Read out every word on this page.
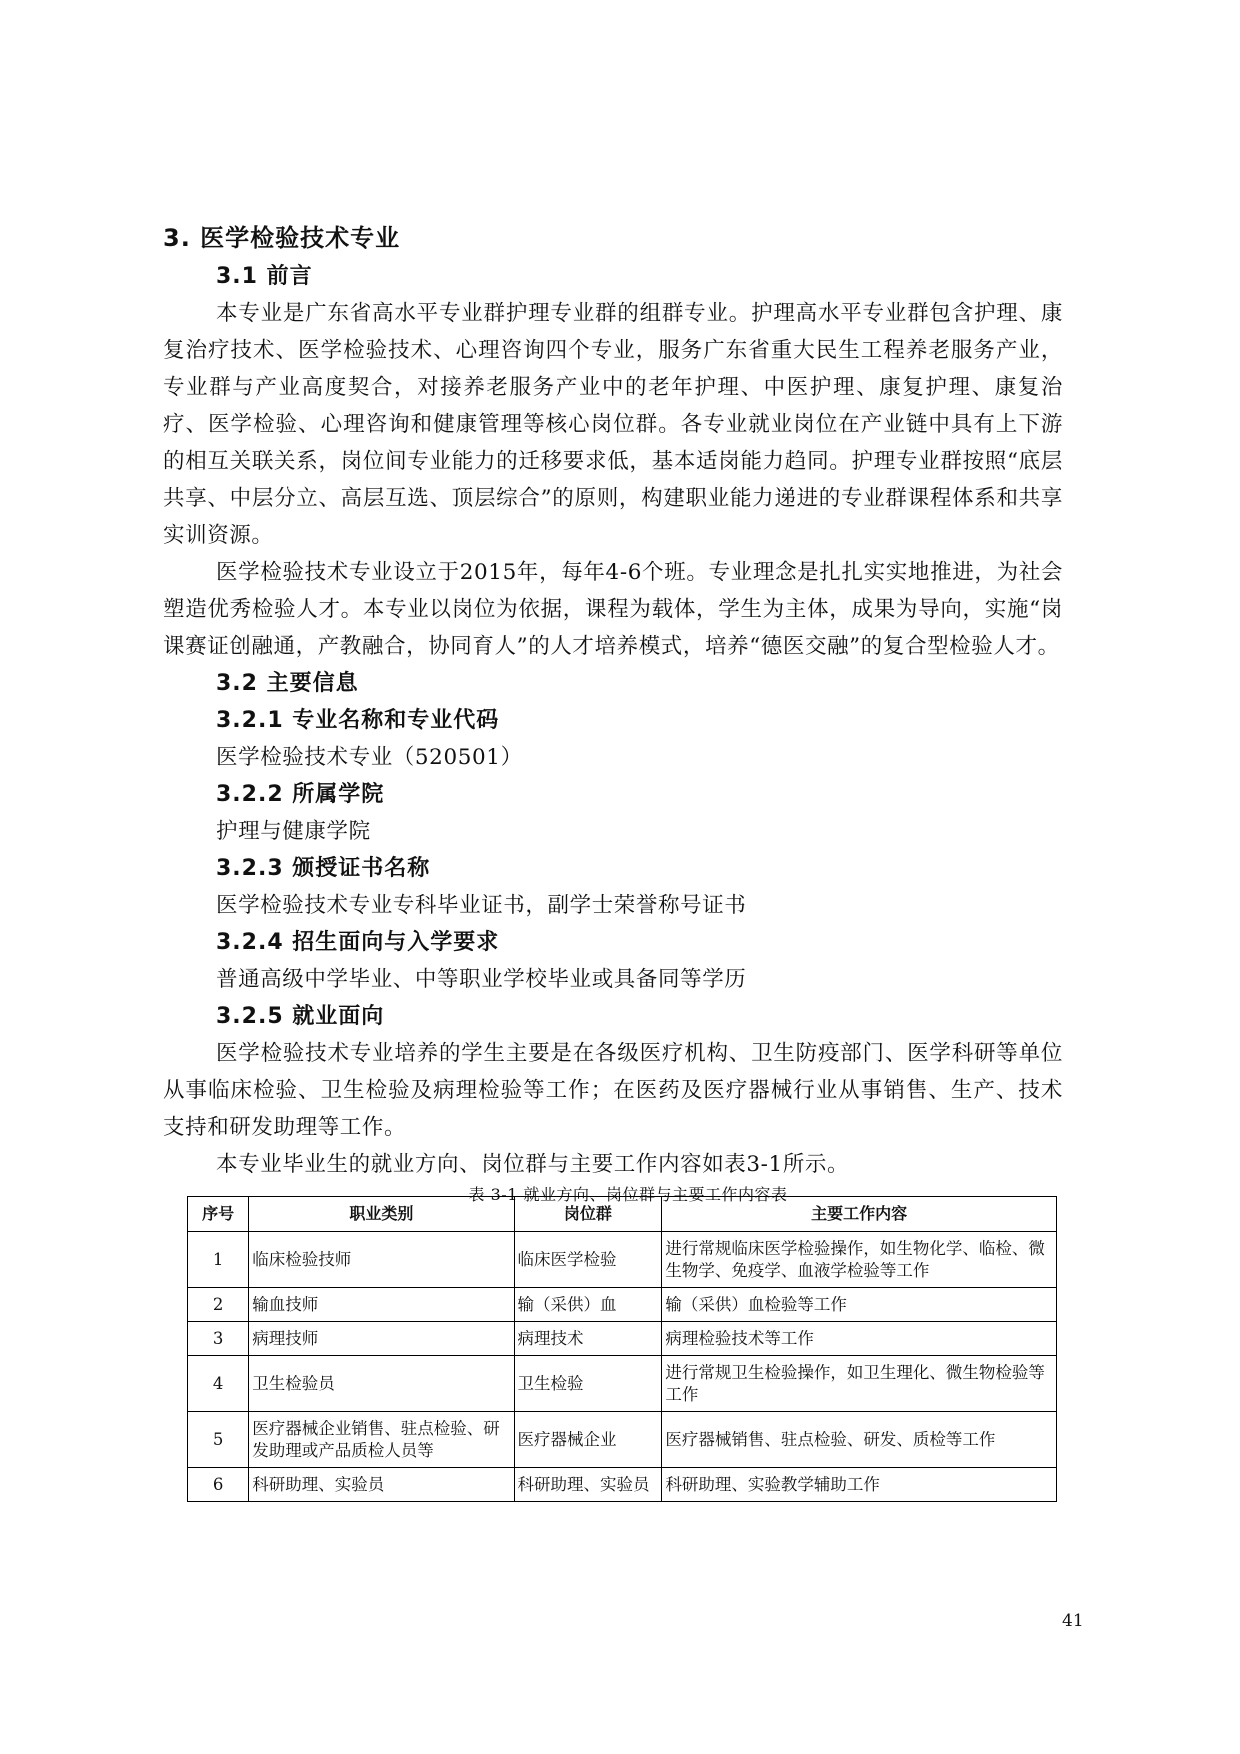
3. 医学检验技术专业

3.1 前言

本专业是广东省高水平专业群护理专业群的组群专业。护理高水平专业群包含护理、康复治疗技术、医学检验技术、心理咨询四个专业，服务广东省重大民生工程养老服务产业，专业群与产业高度契合，对接养老服务产业中的老年护理、中医护理、康复护理、康复治疗、医学检验、心理咨询和健康管理等核心岗位群。各专业就业岗位在产业链中具有上下游的相互关联关系，岗位间专业能力的迁移要求低，基本适岗能力趋同。护理专业群按照“底层共享、中层分立、高层互选、顶层综合”的原则，构建职业能力递进的专业群课程体系和共享实训资源。

医学检验技术专业设立于2015年，每年4-6个班。专业理念是扎扎实实地推进，为社会塑造优秀检验人才。本专业以岗位为依据，课程为载体，学生为主体，成果为导向，实施“岗课赛证创融通，产教融合，协同育人”的人才培养模式，培养“德医交融”的复合型检验人才。

3.2 主要信息

3.2.1 专业名称和专业代码

医学检验技术专业（520501）

3.2.2 所属学院

护理与健康学院

3.2.3 颁授证书名称

医学检验技术专业专科毕业证书，副学士荣誉称号证书

3.2.4 招生面向与入学要求

普通高级中学毕业、中等职业学校毕业或具备同等学历

3.2.5 就业面向

医学检验技术专业培养的学生主要是在各级医疗机构、卫生防疫部门、医学科研等单位从事临床检验、卫生检验及病理检验等工作；在医药及医疗器械行业从事销售、生产、技术支持和研发助理等工作。

本专业毕业生的就业方向、岗位群与主要工作内容如表3-1所示。

表 3-1 就业方向、岗位群与主要工作内容表

序号	职业类别	岗位群	主要工作内容
1	临床检验技师	临床医学检验	进行常规临床医学检验操作，如生物化学、临检、微生物学、免疫学、血液学检验等工作
2	输血技师	输（采供）血	输（采供）血检验等工作
3	病理技师	病理技术	病理检验技术等工作
4	卫生检验员	卫生检验	进行常规卫生检验操作，如卫生理化、微生物检验等工作
5	医疗器械企业销售、驻点检验、研发助理或产品质检人员等	医疗器械企业	医疗器械销售、驻点检验、研发、质检等工作
6	科研助理、实验员	科研助理、实验员	科研助理、实验教学辅助工作
41
